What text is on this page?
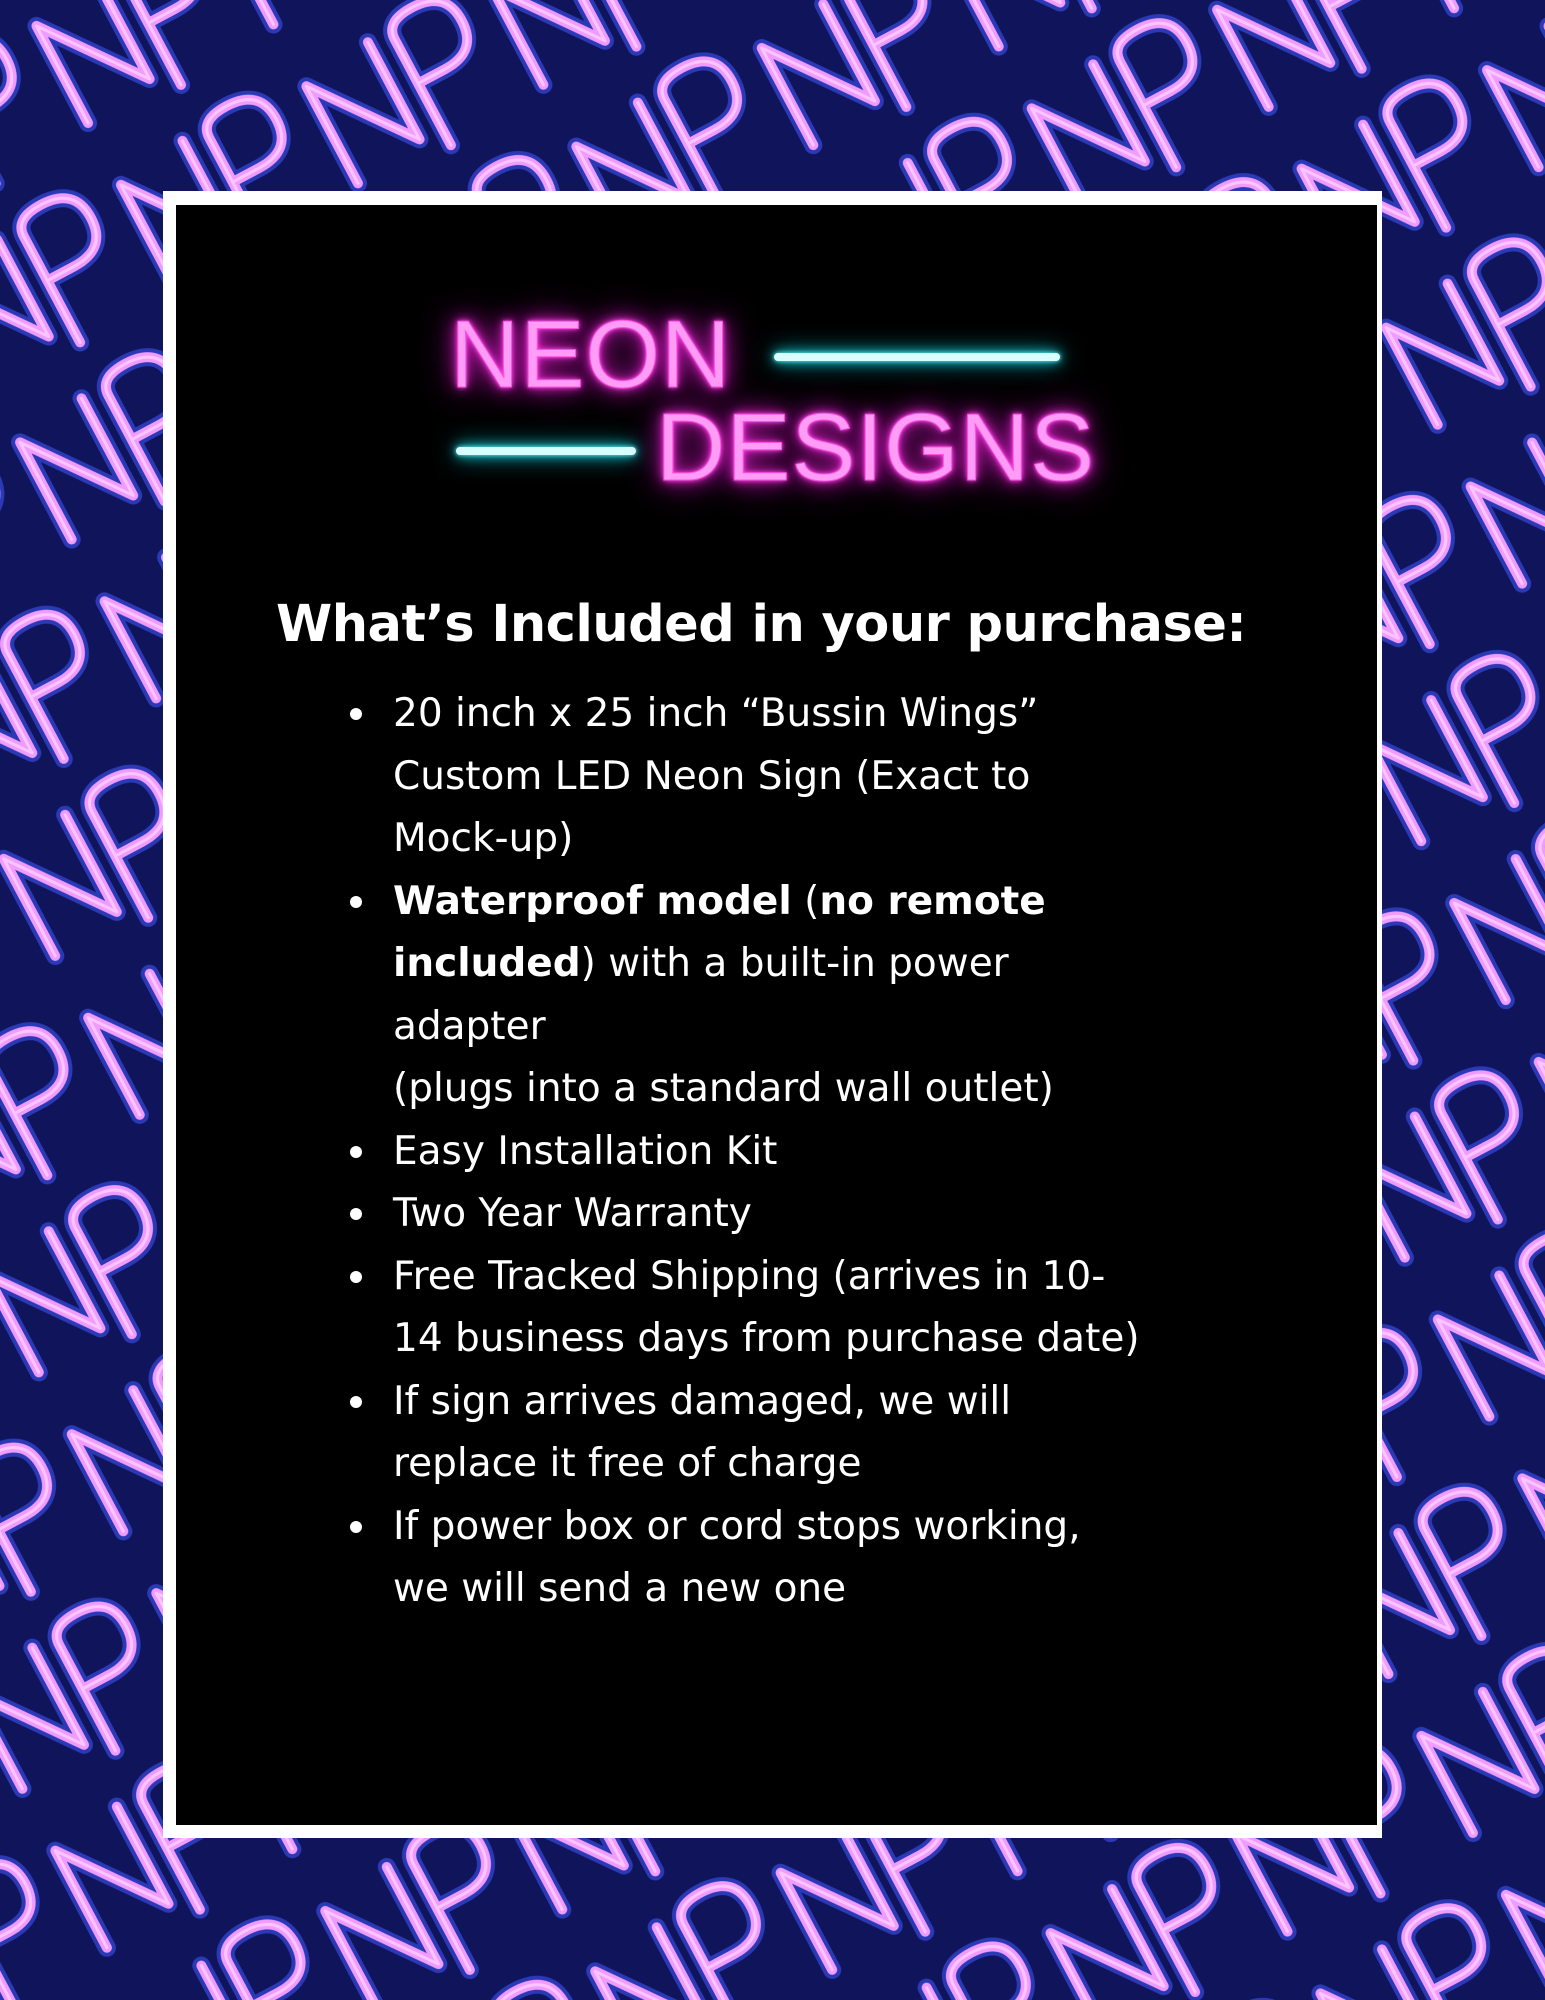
NEON
DESIGNS
What’s Included in your purchase:
20 inch x 25 inch “Bussin Wings”
Custom LED Neon Sign (Exact to
Mock-up)
Waterproof model (no remote
included) with a built-in power
adapter
(plugs into a standard wall outlet)
Easy Installation Kit
Two Year Warranty
Free Tracked Shipping (arrives in 10-
14 business days from purchase date)
If sign arrives damaged, we will
replace it free of charge
If power box or cord stops working,
we will send a new one
